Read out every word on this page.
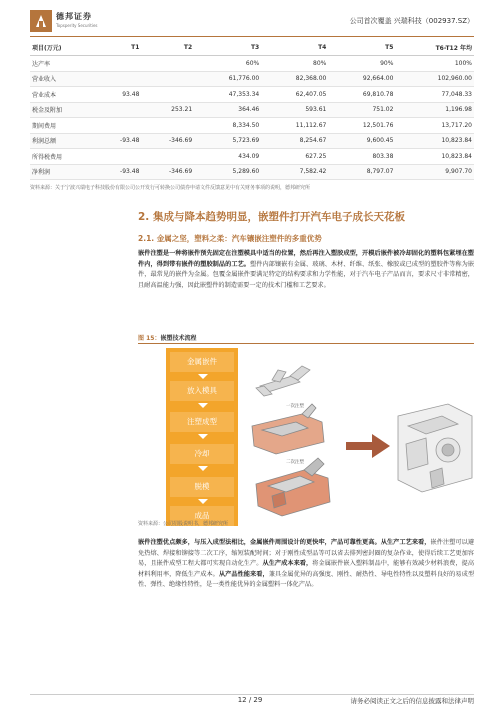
德邦证券
Topsperity Securities
公司首次覆盖 兴瑞科技（002937.SZ）
项目(万元)	T1	T2	T3	T4	T5	T6-T12 年均
达产率			60%	80%	90%	100%
营业收入			61,776.00	82,368.00	92,664.00	102,960.00
营业成本	93.48		47,353.34	62,407.05	69,810.78	77,048.33
税金及附加		253.21	364.46	593.61	751.02	1,196.98
期间费用			8,334.50	11,112.67	12,501.76	13,717.20
利润总额	-93.48	-346.69	5,723.69	8,254.67	9,600.45	10,823.84
所得税费用			434.09	627.25	803.38	10,823.84
净利润	-93.48	-346.69	5,289.60	7,582.42	8,797.07	9,907.70
资料来源：关于宁波兴瑞电子科技股份有限公司公开发行可转换公司债券申请文件反馈意见中有关财务事项的说明，德邦研究所
2. 集成与降本趋势明显，嵌塑件打开汽车电子成长天花板
2.1. 金属之坚，塑料之柔：汽车镶嵌注塑件的多重优势
嵌件注塑是一种将嵌件预先固定在注塑模具中适当的位置，然后再注入塑胶成型，开模后嵌件被冷却固化的塑料包紧埋在塑件内，得到带有嵌件的塑胶制品的工艺。塑件内部镶嵌有金属、玻璃、木材、纤维、纸张、橡胶或已成型的塑胶件等称为嵌件，最常见的嵌件为金属。包覆金属嵌件要满足特定的结构要求和力学性能，对于汽车电子产品而言，要求尺寸非常精密，且耐高温能力强，因此嵌塑件的制造需要一定的技术门槛和工艺要求。
图 15：嵌塑技术流程
金属嵌件
放入模具
注塑成型
冷却
脱模
成品
一次注塑
二次注塑
资料来源：公司招股说明书，德邦研究所
嵌件注塑优点颇多，与压入成型法相比，金属嵌件周围设计的更快牢，产品可靠性更高。从生产工艺来看，嵌件注塑可以避免热熔、焊接和铆接等二次工序，缩短装配时间；对于刚性成型品等可以省去排列密封圈的复杂作业，使得后续工艺更加容易，且嵌件成型工程大都可实现自动化生产。从生产成本来看，将金属嵌件嵌入塑料制品中，能够有效减少材料浪费，提高材料利用率，降低生产成本。从产品性能来看，兼具金属优异的高强度、刚性、耐热性、导电性特性以及塑料良好的易成型性、弹性、绝缘性特性，是一类性能优异的金属塑料一体化产品。
12 / 29	请务必阅读正文之后的信息披露和法律声明
